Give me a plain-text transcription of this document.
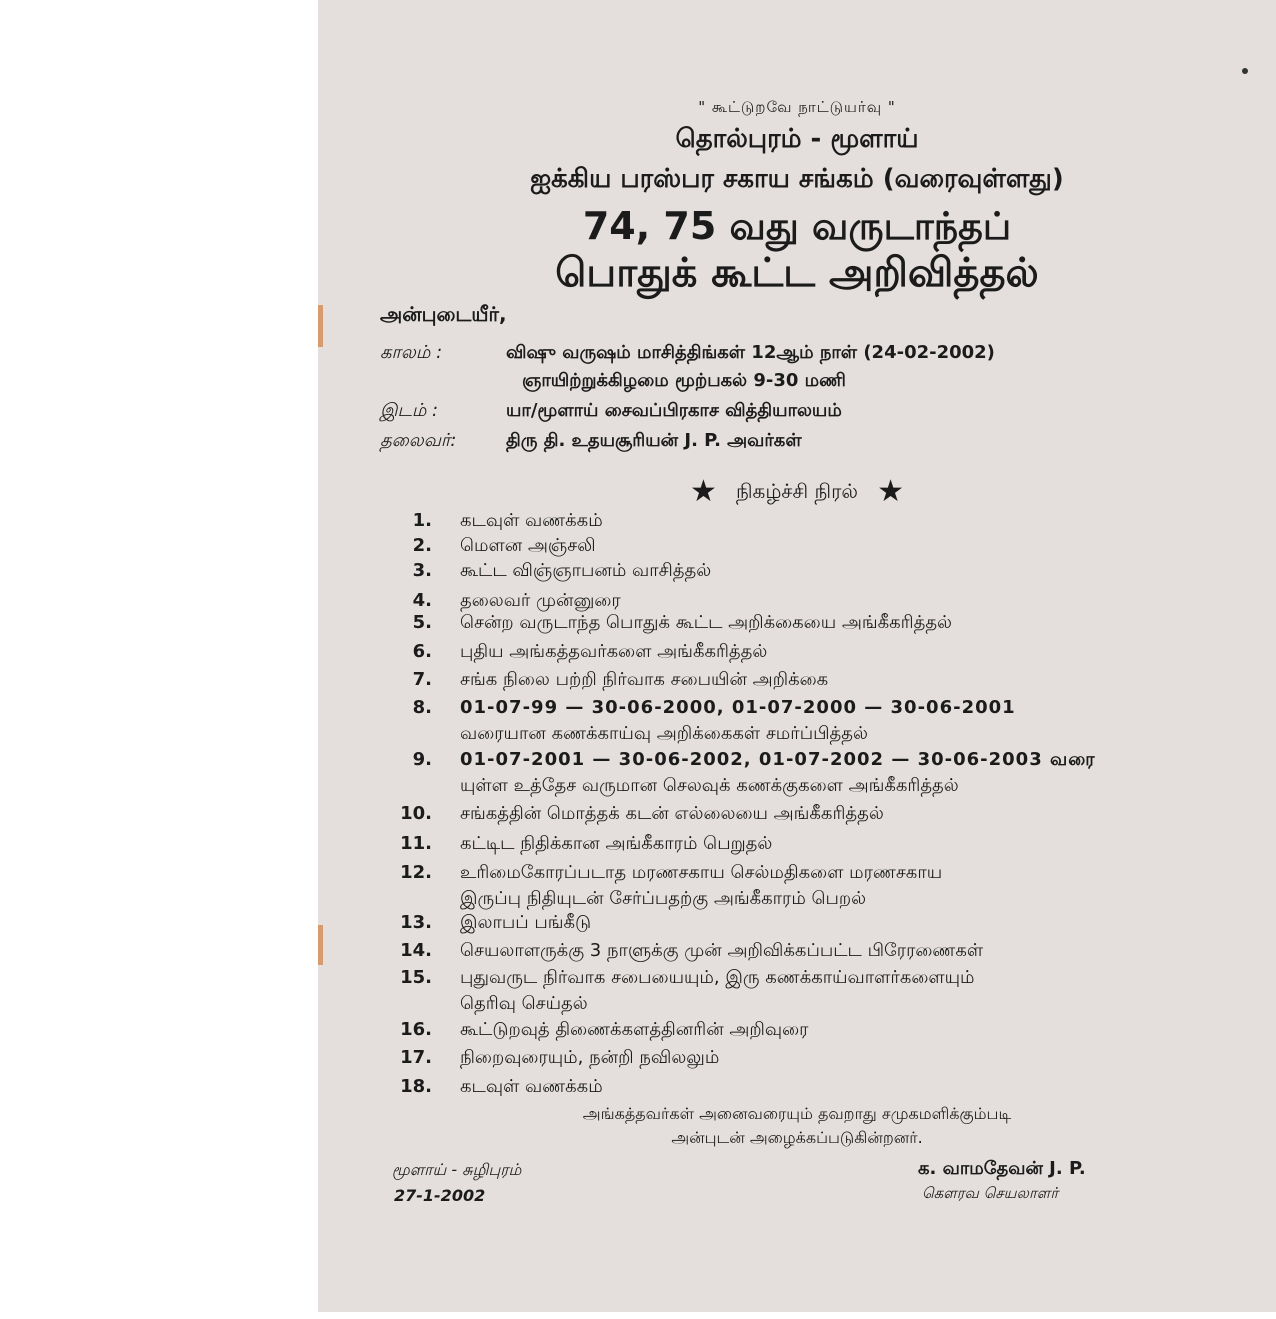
" கூட்டுறவே நாட்டுயர்வு "
தொல்புரம் - மூளாய்
ஐக்கிய பரஸ்பர சகாய சங்கம் (வரைவுள்ளது)
74, 75 வது வருடாந்தப்
பொதுக் கூட்ட அறிவித்தல்
அன்புடையீர்,
காலம் :	விஷு வருஷம் மாசித்திங்கள் 12ஆம் நாள் (24-02-2002)
ஞாயிற்றுக்கிழமை மூற்பகல் 9-30 மணி
இடம் :	யா/மூளாய் சைவப்பிரகாச வித்தியாலயம்
தலைவர்:	திரு தி. உதயசூரியன் J. P. அவர்கள்
★ நிகழ்ச்சி நிரல் ★
1. கடவுள் வணக்கம்
2. மௌன அஞ்சலி
3. கூட்ட விஞ்ஞாபனம் வாசித்தல்
4. தலைவர் முன்னுரை
5. சென்ற வருடாந்த பொதுக் கூட்ட அறிக்கையை அங்கீகரித்தல்
6. புதிய அங்கத்தவர்களை அங்கீகரித்தல்
7. சங்க நிலை பற்றி நிர்வாக சபையின் அறிக்கை
8. 01-07-99 — 30-06-2000, 01-07-2000 — 30-06-2001
வரையான கணக்காய்வு அறிக்கைகள் சமர்ப்பித்தல்
9. 01-07-2001 — 30-06-2002, 01-07-2002 — 30-06-2003 வரை
யுள்ள உத்தேச வருமான செலவுக் கணக்குகளை அங்கீகரித்தல்
10. சங்கத்தின் மொத்தக் கடன் எல்லையை அங்கீகரித்தல்
11. கட்டிட நிதிக்கான அங்கீகாரம் பெறுதல்
12. உரிமைகோரப்படாத மரணசகாய செல்மதிகளை மரணசகாய
இருப்பு நிதியுடன் சேர்ப்பதற்கு அங்கீகாரம் பெறல்
13. இலாபப் பங்கீடு
14. செயலாளருக்கு 3 நாளுக்கு முன் அறிவிக்கப்பட்ட பிரேரணைகள்
15. புதுவருட நிர்வாக சபையையும், இரு கணக்காய்வாளர்களையும்
தெரிவு செய்தல்
16. கூட்டுறவுத் திணைக்களத்தினரின் அறிவுரை
17. நிறைவுரையும், நன்றி நவிலலும்
18. கடவுள் வணக்கம்
அங்கத்தவர்கள் அனைவரையும் தவறாது சமுகமளிக்கும்படி
அன்புடன் அழைக்கப்படுகின்றனர்.
மூளாய் - சுழிபுரம்
27-1-2002
க. வாமதேவன் J. P.
கௌரவ செயலாளர்
